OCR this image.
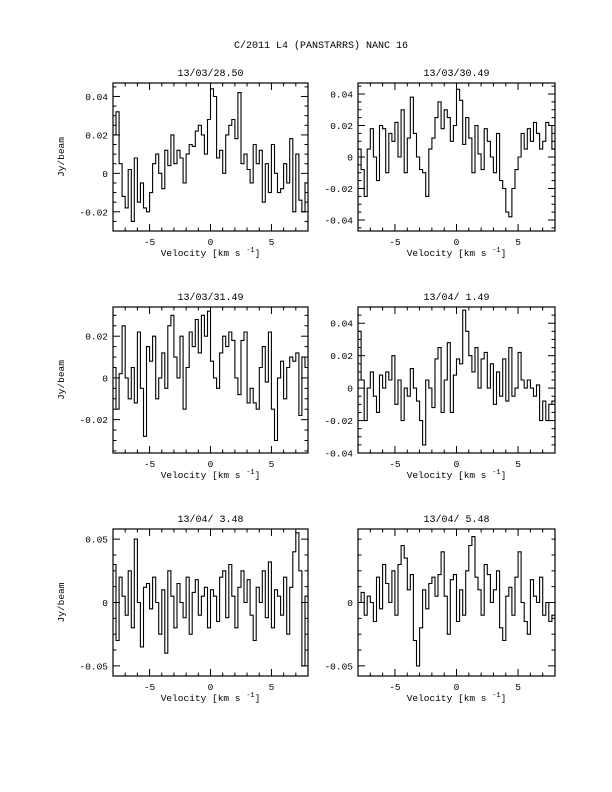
C/2011 L4 (PANSTARRS) NANC 16
13/03/28.50
-5	0	5
-0.02
0
0.02
0.04
Velocity [km s $^{-1}$]
Jy/beam
13/03/30.49
-5	0	5
-0.04
-0.02
0
0.02
0.04
Velocity [km s $^{-1}$]
13/03/31.49
-5	0	5
-0.02
0
0.02
Velocity [km s $^{-1}$]
Jy/beam
13/04/ 1.49
-5	0	5
-0.04
-0.02
0
0.02
0.04
Velocity [km s $^{-1}$]
13/04/ 3.48
-5	0	5
-0.05
0
0.05
Velocity [km s $^{-1}$]
Jy/beam
13/04/ 5.48
-5	0	5
-0.05
0
Velocity [km s $^{-1}$]
